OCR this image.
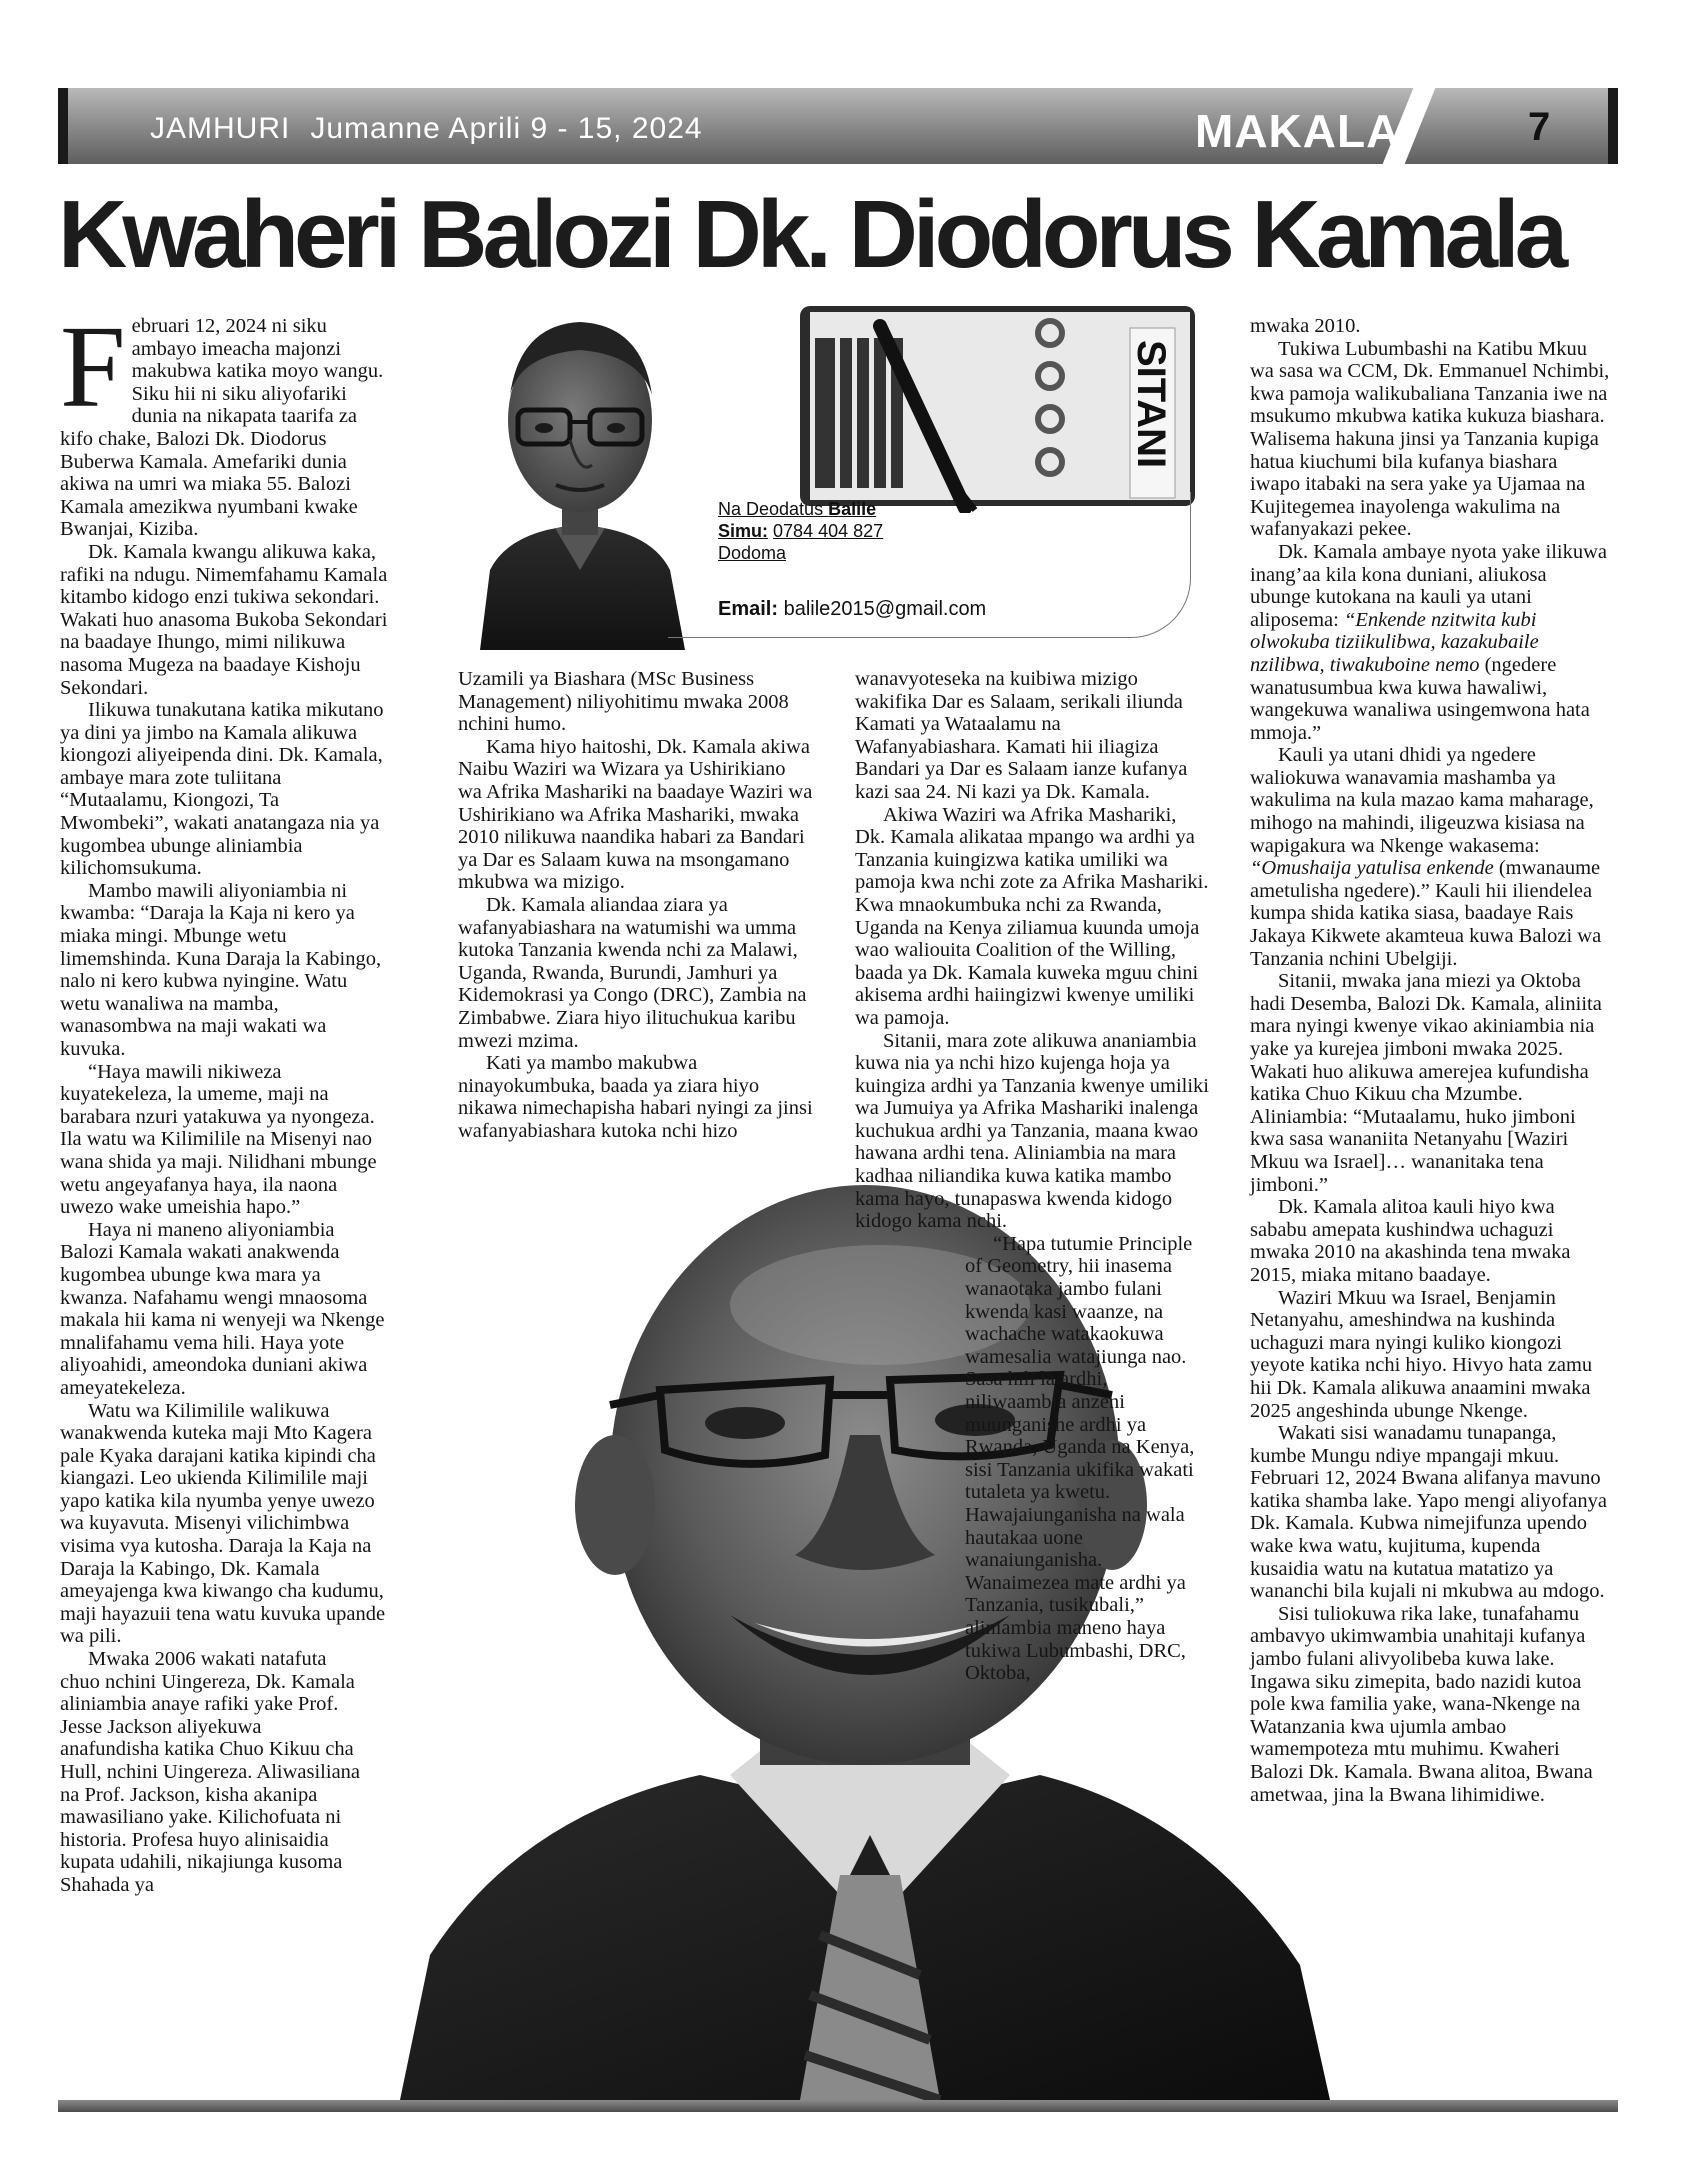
JAMHURI Jumanne Aprili 9 - 15, 2024	MAKALA	7
Kwaheri Balozi Dk. Diodorus Kamala
SITANI
Na Deodatus Balile
Simu: 0784 404 827
Dodoma
Email: balile2015@gmail.com

Februari 12, 2024 ni siku ambayo imeacha majonzi makubwa katika moyo wangu. Siku hii ni siku aliyofariki dunia na nikapata taarifa za kifo chake, Balozi Dk. Diodorus Buberwa Kamala. Amefariki dunia akiwa na umri wa miaka 55. Balozi Kamala amezikwa nyumbani kwake Bwanjai, Kiziba.

Dk. Kamala kwangu alikuwa kaka, rafiki na ndugu. Nimemfahamu Kamala kitambo kidogo enzi tukiwa sekondari. Wakati huo anasoma Bukoba Sekondari na baadaye Ihungo, mimi nilikuwa nasoma Mugeza na baadaye Kishoju Sekondari.

Ilikuwa tunakutana katika mikutano ya dini ya jimbo na Kamala alikuwa kiongozi aliyeipenda dini. Dk. Kamala, ambaye mara zote tuliitana “Mutaalamu, Kiongozi, Ta Mwombeki”, wakati anatangaza nia ya kugombea ubunge aliniambia kilichomsukuma.

Mambo mawili aliyoniambia ni kwamba: “Daraja la Kaja ni kero ya miaka mingi. Mbunge wetu limemshinda. Kuna Daraja la Kabingo, nalo ni kero kubwa nyingine. Watu wetu wanaliwa na mamba, wanasombwa na maji wakati wa kuvuka.

“Haya mawili nikiweza kuyatekeleza, la umeme, maji na barabara nzuri yatakuwa ya nyongeza. Ila watu wa Kilimilile na Misenyi nao wana shida ya maji. Nilidhani mbunge wetu angeyafanya haya, ila naona uwezo wake umeishia hapo.”

Haya ni maneno aliyoniambia Balozi Kamala wakati anakwenda kugombea ubunge kwa mara ya kwanza. Nafahamu wengi mnaosoma makala hii kama ni wenyeji wa Nkenge mnalifahamu vema hili. Haya yote aliyoahidi, ameondoka duniani akiwa ameyatekeleza.

Watu wa Kilimilile walikuwa wanakwenda kuteka maji Mto Kagera pale Kyaka darajani katika kipindi cha kiangazi. Leo ukienda Kilimilile maji yapo katika kila nyumba yenye uwezo wa kuyavuta. Misenyi vilichimbwa visima vya kutosha. Daraja la Kaja na Daraja la Kabingo, Dk. Kamala ameyajenga kwa kiwango cha kudumu, maji hayazuii tena watu kuvuka upande wa pili.

Mwaka 2006 wakati natafuta chuo nchini Uingereza, Dk. Kamala aliniambia anaye rafiki yake Prof. Jesse Jackson aliyekuwa anafundisha katika Chuo Kikuu cha Hull, nchini Uingereza. Aliwasiliana na Prof. Jackson, kisha akanipa mawasiliano yake. Kilichofuata ni historia. Profesa huyo alinisaidia kupata udahili, nikajiunga kusoma Shahada ya

Uzamili ya Biashara (MSc Business Management) niliyohitimu mwaka 2008 nchini humo.

Kama hiyo haitoshi, Dk. Kamala akiwa Naibu Waziri wa Wizara ya Ushirikiano wa Afrika Mashariki na baadaye Waziri wa Ushirikiano wa Afrika Mashariki, mwaka 2010 nilikuwa naandika habari za Bandari ya Dar es Salaam kuwa na msongamano mkubwa wa mizigo.

Dk. Kamala aliandaa ziara ya wafanyabiashara na watumishi wa umma kutoka Tanzania kwenda nchi za Malawi, Uganda, Rwanda, Burundi, Jamhuri ya Kidemokrasi ya Congo (DRC), Zambia na Zimbabwe. Ziara hiyo ilituchukua karibu mwezi mzima.

Kati ya mambo makubwa ninayokumbuka, baada ya ziara hiyo nikawa nimechapisha habari nyingi za jinsi wafanyabiashara kutoka nchi hizo

wanavyoteseka na kuibiwa mizigo wakifika Dar es Salaam, serikali iliunda Kamati ya Wataalamu na Wafanyabiashara. Kamati hii iliagiza Bandari ya Dar es Salaam ianze kufanya kazi saa 24. Ni kazi ya Dk. Kamala.

Akiwa Waziri wa Afrika Mashariki, Dk. Kamala alikataa mpango wa ardhi ya Tanzania kuingizwa katika umiliki wa pamoja kwa nchi zote za Afrika Mashariki. Kwa mnaokumbuka nchi za Rwanda, Uganda na Kenya ziliamua kuunda umoja wao waliouita Coalition of the Willing, baada ya Dk. Kamala kuweka mguu chini akisema ardhi haiingizwi kwenye umiliki wa pamoja.

Sitanii, mara zote alikuwa ananiambia kuwa nia ya nchi hizo kujenga hoja ya kuingiza ardhi ya Tanzania kwenye umiliki wa Jumuiya ya Afrika Mashariki inalenga kuchukua ardhi ya Tanzania, maana kwao hawana ardhi tena. Aliniambia na mara kadhaa niliandika kuwa katika mambo kama hayo, tunapaswa kwenda kidogo kidogo kama nchi.

“Hapa tutumie Principle of Geometry, hii inasema wanaotaka jambo fulani kwenda kasi waanze, na wachache watakaokuwa wamesalia watajiunga nao. Sasa hili la ardhi, niliwaambia anzeni muunganishe ardhi ya Rwanda, Uganda na Kenya, sisi Tanzania ukifika wakati tutaleta ya kwetu. Hawajaiunganisha na wala hautakaa uone wanaiunganisha. Wanaimezea mate ardhi ya Tanzania, tusikubali,” aliniambia maneno haya tukiwa Lubumbashi, DRC, Oktoba,

mwaka 2010.

Tukiwa Lubumbashi na Katibu Mkuu wa sasa wa CCM, Dk. Emmanuel Nchimbi, kwa pamoja walikubaliana Tanzania iwe na msukumo mkubwa katika kukuza biashara. Walisema hakuna jinsi ya Tanzania kupiga hatua kiuchumi bila kufanya biashara iwapo itabaki na sera yake ya Ujamaa na Kujitegemea inayolenga wakulima na wafanyakazi pekee.

Dk. Kamala ambaye nyota yake ilikuwa inang’aa kila kona duniani, aliukosa ubunge kutokana na kauli ya utani aliposema: “Enkende nzitwita kubi olwokuba tiziikulibwa, kazakubaile nzilibwa, tiwakuboine nemo (ngedere wanatusumbua kwa kuwa hawaliwi, wangekuwa wanaliwa usingemwona hata mmoja.”

Kauli ya utani dhidi ya ngedere waliokuwa wanavamia mashamba ya wakulima na kula mazao kama maharage, mihogo na mahindi, iligeuzwa kisiasa na wapigakura wa Nkenge wakasema: “Omushaija yatulisa enkende (mwanaume ametulisha ngedere).” Kauli hii iliendelea kumpa shida katika siasa, baadaye Rais Jakaya Kikwete akamteua kuwa Balozi wa Tanzania nchini Ubelgiji.

Sitanii, mwaka jana miezi ya Oktoba hadi Desemba, Balozi Dk. Kamala, aliniita mara nyingi kwenye vikao akiniambia nia yake ya kurejea jimboni mwaka 2025. Wakati huo alikuwa amerejea kufundisha katika Chuo Kikuu cha Mzumbe. Aliniambia: “Mutaalamu, huko jimboni kwa sasa wananiita Netanyahu [Waziri Mkuu wa Israel]… wananitaka tena jimboni.”

Dk. Kamala alitoa kauli hiyo kwa sababu amepata kushindwa uchaguzi mwaka 2010 na akashinda tena mwaka 2015, miaka mitano baadaye.

Waziri Mkuu wa Israel, Benjamin Netanyahu, ameshindwa na kushinda uchaguzi mara nyingi kuliko kiongozi yeyote katika nchi hiyo. Hivyo hata zamu hii Dk. Kamala alikuwa anaamini mwaka 2025 angeshinda ubunge Nkenge.

Wakati sisi wanadamu tunapanga, kumbe Mungu ndiye mpangaji mkuu. Februari 12, 2024 Bwana alifanya mavuno katika shamba lake. Yapo mengi aliyofanya Dk. Kamala. Kubwa nimejifunza upendo wake kwa watu, kujituma, kupenda kusaidia watu na kutatua matatizo ya wananchi bila kujali ni mkubwa au mdogo.

Sisi tuliokuwa rika lake, tunafahamu ambavyo ukimwambia unahitaji kufanya jambo fulani alivyolibeba kuwa lake. Ingawa siku zimepita, bado nazidi kutoa pole kwa familia yake, wana-Nkenge na Watanzania kwa ujumla ambao wamempoteza mtu muhimu. Kwaheri Balozi Dk. Kamala. Bwana alitoa, Bwana ametwaa, jina la Bwana lihimidiwe.
